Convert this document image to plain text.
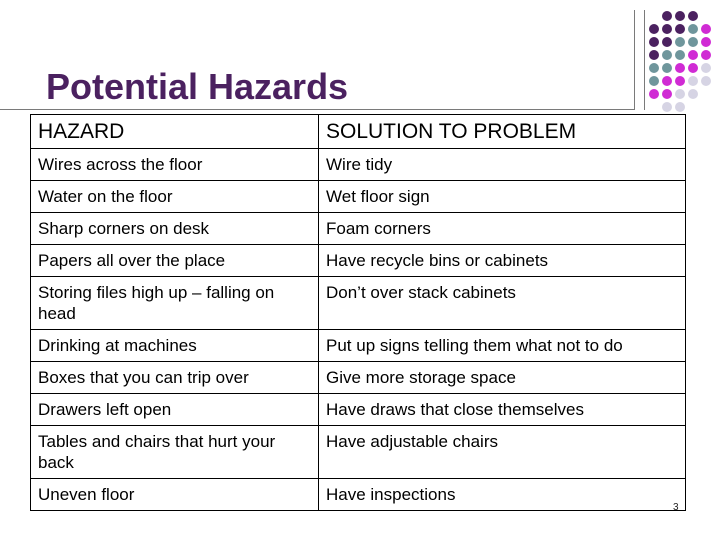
Potential Hazards
HAZARD	SOLUTION TO PROBLEM
Wires across the floor	Wire tidy
Water on the floor	Wet floor sign
Sharp corners on desk	Foam corners
Papers all over the place	Have recycle bins or cabinets
Storing files high up – falling on head	Don’t over stack cabinets
Drinking at machines	Put up signs telling them what not to do
Boxes that you can trip over	Give more storage space
Drawers left open	Have draws that close themselves
Tables and chairs that hurt your back	Have adjustable chairs
Uneven floor	Have inspections
3
